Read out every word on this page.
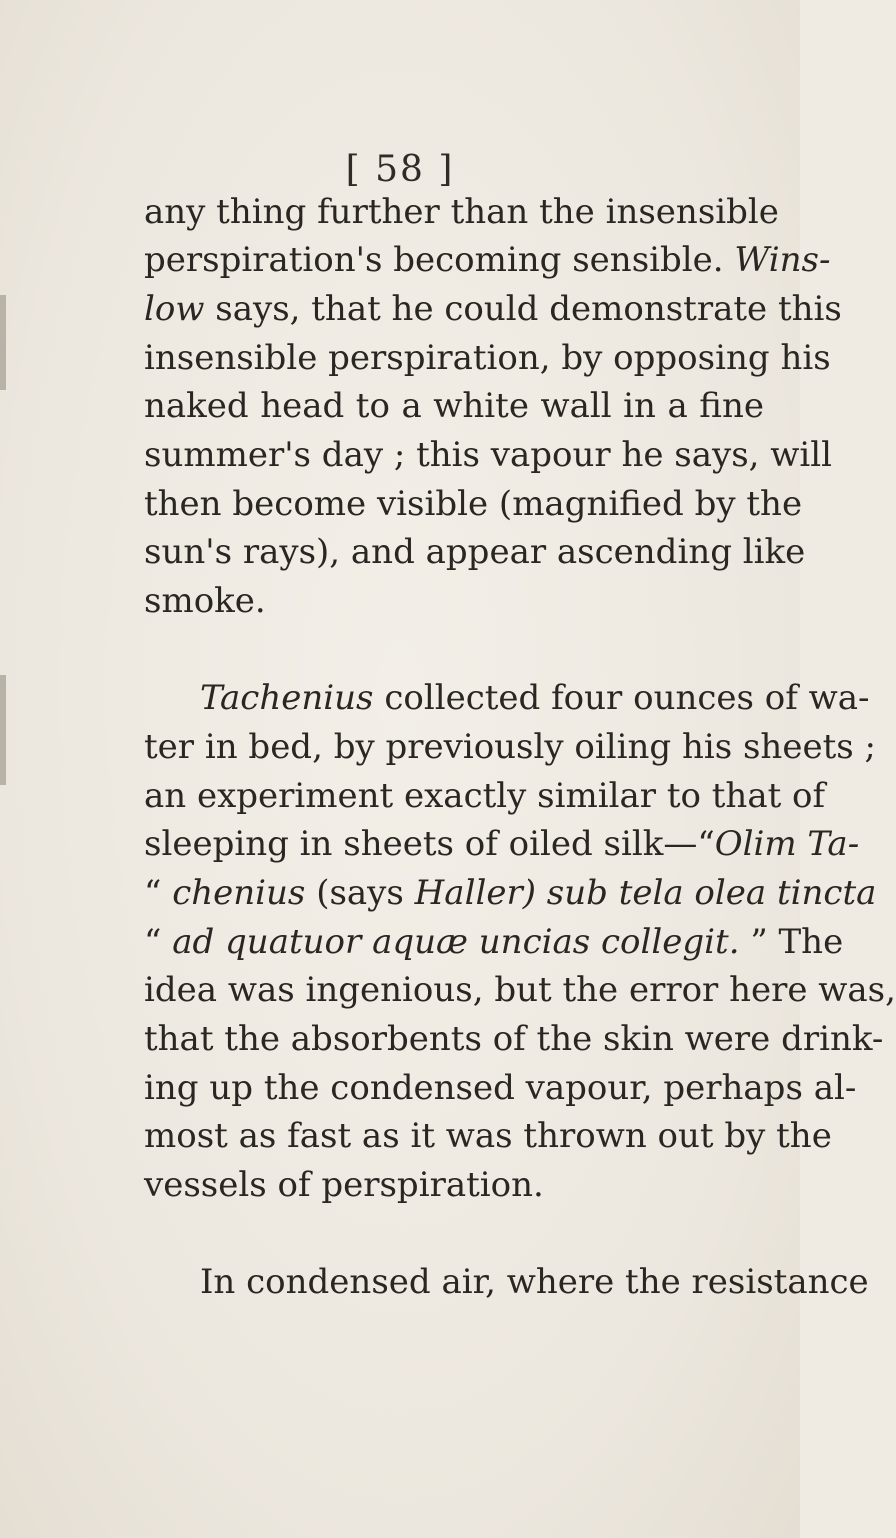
[ 58 ]
any thing further than the insensible
perspiration's becoming sensible. Wins-
low says, that he could demonstrate this
insensible perspiration, by opposing his
naked head to a white wall in a fine
summer's day ; this vapour he says, will
then become visible (magnified by the
sun's rays), and appear ascending like
smoke.
Tachenius collected four ounces of wa-
ter in bed, by previously oiling his sheets ;
an experiment exactly similar to that of
sleeping in sheets of oiled silk—“Olim Ta-
“ chenius (says Haller) sub tela olea tincta
“ ad quatuor aquæ uncias collegit. ” The
idea was ingenious, but the error here was,
that the absorbents of the skin were drink-
ing up the condensed vapour, perhaps al-
most as fast as it was thrown out by the
vessels of perspiration.
In condensed air, where the resistance
